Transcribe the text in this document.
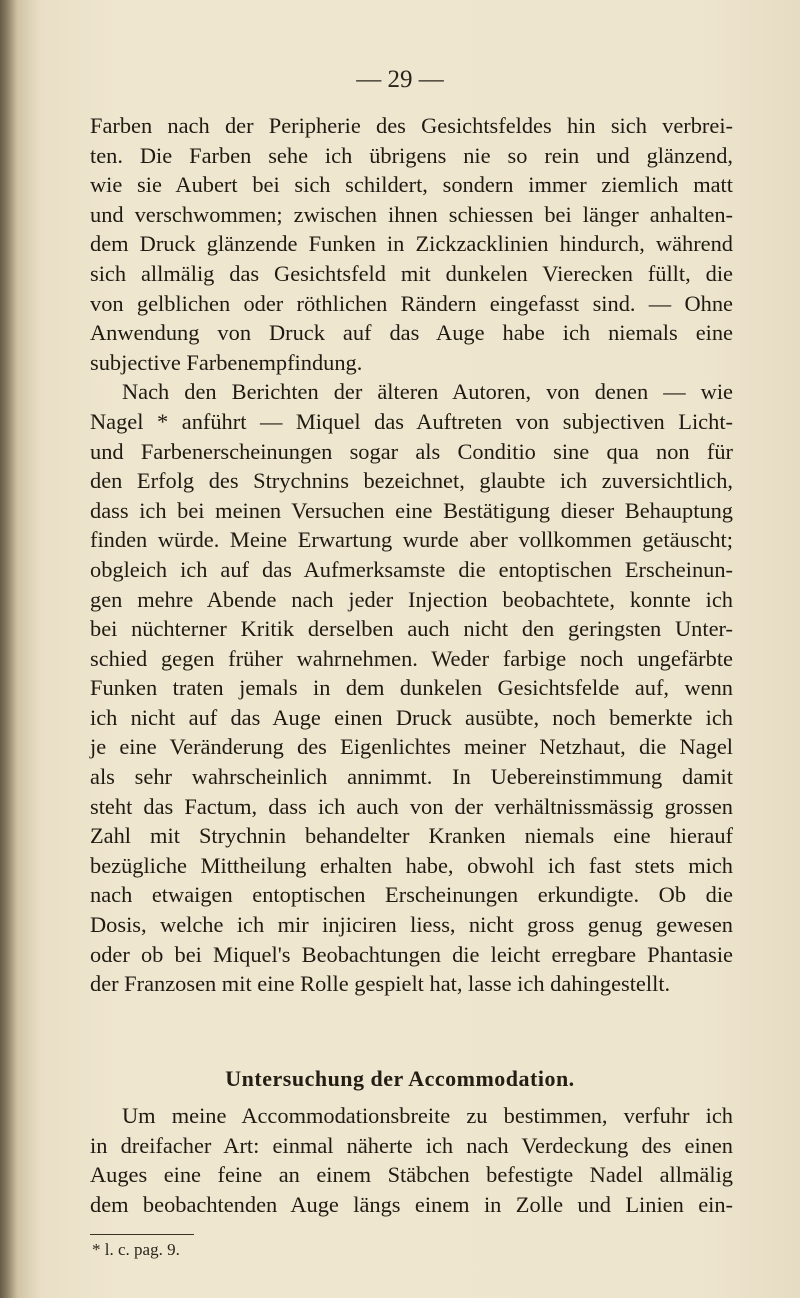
— 29 —
Farben nach der Peripherie des Gesichtsfeldes hin sich verbrei-
ten. Die Farben sehe ich übrigens nie so rein und glänzend,
wie sie Aubert bei sich schildert, sondern immer ziemlich matt
und verschwommen; zwischen ihnen schiessen bei länger anhalten-
dem Druck glänzende Funken in Zickzacklinien hindurch, während
sich allmälig das Gesichtsfeld mit dunkelen Vierecken füllt, die
von gelblichen oder röthlichen Rändern eingefasst sind. — Ohne
Anwendung von Druck auf das Auge habe ich niemals eine
subjective Farbenempfindung.
Nach den Berichten der älteren Autoren, von denen — wie
Nagel * anführt — Miquel das Auftreten von subjectiven Licht-
und Farbenerscheinungen sogar als Conditio sine qua non für
den Erfolg des Strychnins bezeichnet, glaubte ich zuversichtlich,
dass ich bei meinen Versuchen eine Bestätigung dieser Behauptung
finden würde. Meine Erwartung wurde aber vollkommen getäuscht;
obgleich ich auf das Aufmerksamste die entoptischen Erscheinun-
gen mehre Abende nach jeder Injection beobachtete, konnte ich
bei nüchterner Kritik derselben auch nicht den geringsten Unter-
schied gegen früher wahrnehmen. Weder farbige noch ungefärbte
Funken traten jemals in dem dunkelen Gesichtsfelde auf, wenn
ich nicht auf das Auge einen Druck ausübte, noch bemerkte ich
je eine Veränderung des Eigenlichtes meiner Netzhaut, die Nagel
als sehr wahrscheinlich annimmt. In Uebereinstimmung damit
steht das Factum, dass ich auch von der verhältnissmässig grossen
Zahl mit Strychnin behandelter Kranken niemals eine hierauf
bezügliche Mittheilung erhalten habe, obwohl ich fast stets mich
nach etwaigen entoptischen Erscheinungen erkundigte. Ob die
Dosis, welche ich mir injiciren liess, nicht gross genug gewesen
oder ob bei Miquel's Beobachtungen die leicht erregbare Phantasie
der Franzosen mit eine Rolle gespielt hat, lasse ich dahingestellt.
Untersuchung der Accommodation.
Um meine Accommodationsbreite zu bestimmen, verfuhr ich
in dreifacher Art: einmal näherte ich nach Verdeckung des einen
Auges eine feine an einem Stäbchen befestigte Nadel allmälig
dem beobachtenden Auge längs einem in Zolle und Linien ein-
* l. c. pag. 9.
